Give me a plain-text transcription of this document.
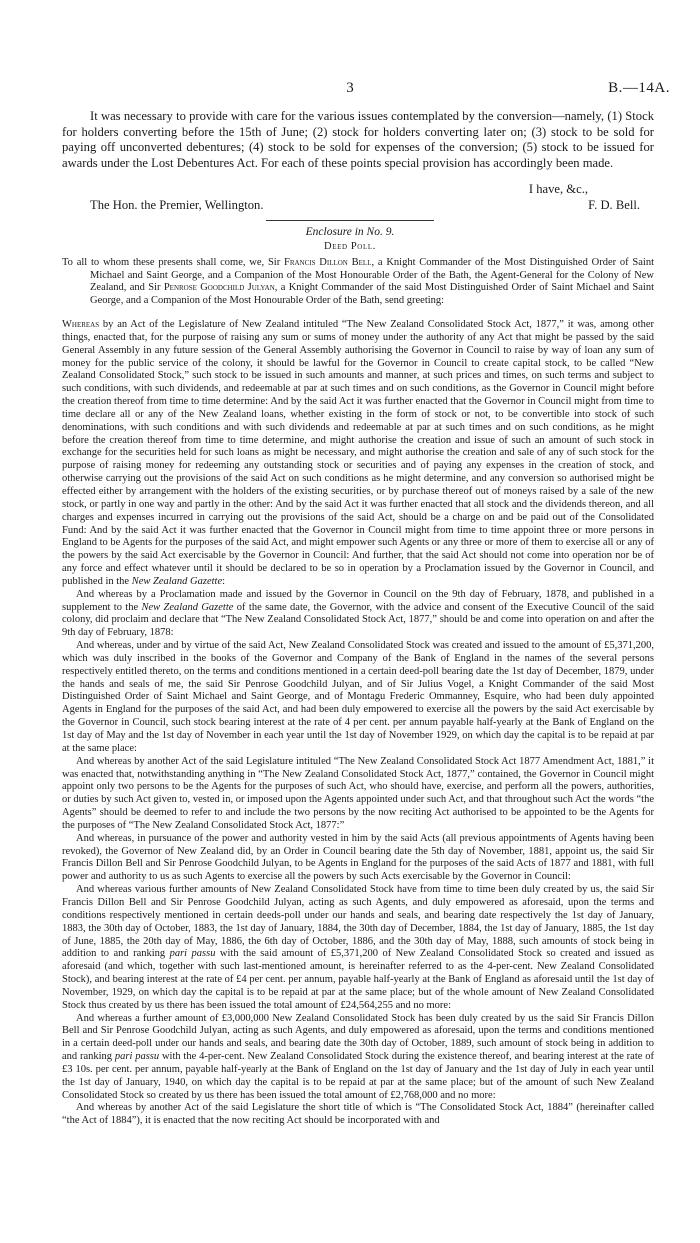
3	B.—14A.

It was necessary to provide with care for the various issues contemplated by the conversion—namely, (1) Stock for holders converting before the 15th of June; (2) stock for holders converting later on; (3) stock to be sold for paying off unconverted debentures; (4) stock to be sold for expenses of the conversion; (5) stock to be issued for awards under the Lost Debentures Act. For each of these points special provision has accordingly been made.

I have, &c.,
The Hon. the Premier, Wellington.	F. D. Bell.
Enclosure in No. 9.
Deed Poll.

To all to whom these presents shall come, we, Sir Francis Dillon Bell, a Knight Commander of the Most Distinguished Order of Saint Michael and Saint George, and a Companion of the Most Honourable Order of the Bath, the Agent-General for the Colony of New Zealand, and Sir Penrose Goodchild Julyan, a Knight Commander of the said Most Distinguished Order of Saint Michael and Saint George, and a Companion of the Most Honourable Order of the Bath, send greeting:

Whereas by an Act of the Legislature of New Zealand intituled “The New Zealand Consolidated Stock Act, 1877,” it was, among other things, enacted that, for the purpose of raising any sum or sums of money under the authority of any Act that might be passed by the said General Assembly in any future session of the General Assembly authorising the Governor in Council to raise by way of loan any sum of money for the public service of the colony, it should be lawful for the Governor in Council to create capital stock, to be called “New Zealand Consolidated Stock,” such stock to be issued in such amounts and manner, at such prices and times, on such terms and subject to such conditions, with such dividends, and redeemable at par at such times and on such conditions, as the Governor in Council might before the creation thereof from time to time determine: And by the said Act it was further enacted that the Governor in Council might from time to time declare all or any of the New Zealand loans, whether existing in the form of stock or not, to be convertible into stock of such denominations, with such conditions and with such dividends and redeemable at par at such times and on such conditions, as he might before the creation thereof from time to time determine, and might authorise the creation and issue of such an amount of such stock in exchange for the securities held for such loans as might be necessary, and might authorise the creation and sale of any of such stock for the purpose of raising money for redeeming any outstanding stock or securities and of paying any expenses in the creation of stock, and otherwise carrying out the provisions of the said Act on such conditions as he might determine, and any conversion so authorised might be effected either by arrangement with the holders of the existing securities, or by purchase thereof out of moneys raised by a sale of the new stock, or partly in one way and partly in the other: And by the said Act it was further enacted that all stock and the dividends thereon, and all charges and expenses incurred in carrying out the provisions of the said Act, should be a charge on and be paid out of the Consolidated Fund: And by the said Act it was further enacted that the Governor in Council might from time to time appoint three or more persons in England to be Agents for the purposes of the said Act, and might empower such Agents or any three or more of them to exercise all or any of the powers by the said Act exercisable by the Governor in Council: And further, that the said Act should not come into operation nor be of any force and effect whatever until it should be declared to be so in operation by a Proclamation issued by the Governor in Council, and published in the New Zealand Gazette:

And whereas by a Proclamation made and issued by the Governor in Council on the 9th day of February, 1878, and published in a supplement to the New Zealand Gazette of the same date, the Governor, with the advice and consent of the Executive Council of the said colony, did proclaim and declare that “The New Zealand Consolidated Stock Act, 1877,” should be and come into operation on and after the 9th day of February, 1878:

And whereas, under and by virtue of the said Act, New Zealand Consolidated Stock was created and issued to the amount of £5,371,200, which was duly inscribed in the books of the Governor and Company of the Bank of England in the names of the several persons respectively entitled thereto, on the terms and conditions mentioned in a certain deed-poll bearing date the 1st day of December, 1879, under the hands and seals of me, the said Sir Penrose Goodchild Julyan, and of Sir Julius Vogel, a Knight Commander of the said Most Distinguished Order of Saint Michael and Saint George, and of Montagu Frederic Ommanney, Esquire, who had been duly appointed Agents in England for the purposes of the said Act, and had been duly empowered to exercise all the powers by the said Act exercisable by the Governor in Council, such stock bearing interest at the rate of 4 per cent. per annum payable half-yearly at the Bank of England on the 1st day of May and the 1st day of November in each year until the 1st day of November 1929, on which day the capital is to be repaid at par at the same place:

And whereas by another Act of the said Legislature intituled “The New Zealand Consolidated Stock Act 1877 Amendment Act, 1881,” it was enacted that, notwithstanding anything in “The New Zealand Consolidated Stock Act, 1877,” contained, the Governor in Council might appoint only two persons to be the Agents for the purposes of such Act, who should have, exercise, and perform all the powers, authorities, or duties by such Act given to, vested in, or imposed upon the Agents appointed under such Act, and that throughout such Act the words “the Agents” should be deemed to refer to and include the two persons by the now reciting Act authorised to be appointed to be the Agents for the purposes of “The New Zealand Consolidated Stock Act, 1877:”

And whereas, in pursuance of the power and authority vested in him by the said Acts (all previous appointments of Agents having been revoked), the Governor of New Zealand did, by an Order in Council bearing date the 5th day of November, 1881, appoint us, the said Sir Francis Dillon Bell and Sir Penrose Goodchild Julyan, to be Agents in England for the purposes of the said Acts of 1877 and 1881, with full power and authority to us as such Agents to exercise all the powers by such Acts exercisable by the Governor in Council:

And whereas various further amounts of New Zealand Consolidated Stock have from time to time been duly created by us, the said Sir Francis Dillon Bell and Sir Penrose Goodchild Julyan, acting as such Agents, and duly empowered as aforesaid, upon the terms and conditions respectively mentioned in certain deeds-poll under our hands and seals, and bearing date respectively the 1st day of January, 1883, the 30th day of October, 1883, the 1st day of January, 1884, the 30th day of December, 1884, the 1st day of January, 1885, the 1st day of June, 1885, the 20th day of May, 1886, the 6th day of October, 1886, and the 30th day of May, 1888, such amounts of stock being in addition to and ranking pari passu with the said amount of £5,371,200 of New Zealand Consolidated Stock so created and issued as aforesaid (and which, together with such last-mentioned amount, is hereinafter referred to as the 4-per-cent. New Zealand Consolidated Stock), and bearing interest at the rate of £4 per cent. per annum, payable half-yearly at the Bank of England as aforesaid until the 1st day of November, 1929, on which day the capital is to be repaid at par at the same place; but of the whole amount of New Zealand Consolidated Stock thus created by us there has been issued the total amount of £24,564,255 and no more:

And whereas a further amount of £3,000,000 New Zealand Consolidated Stock has been duly created by us the said Sir Francis Dillon Bell and Sir Penrose Goodchild Julyan, acting as such Agents, and duly empowered as aforesaid, upon the terms and conditions mentioned in a certain deed-poll under our hands and seals, and bearing date the 30th day of October, 1889, such amount of stock being in addition to and ranking pari passu with the 4-per-cent. New Zealand Consolidated Stock during the existence thereof, and bearing interest at the rate of £3 10s. per cent. per annum, payable half-yearly at the Bank of England on the 1st day of January and the 1st day of July in each year until the 1st day of January, 1940, on which day the capital is to be repaid at par at the same place; but of the amount of such New Zealand Consolidated Stock so created by us there has been issued the total amount of £2,768,000 and no more:

And whereas by another Act of the said Legislature the short title of which is “The Consolidated Stock Act, 1884” (hereinafter called “the Act of 1884”), it is enacted that the now reciting Act should be incorporated with and
